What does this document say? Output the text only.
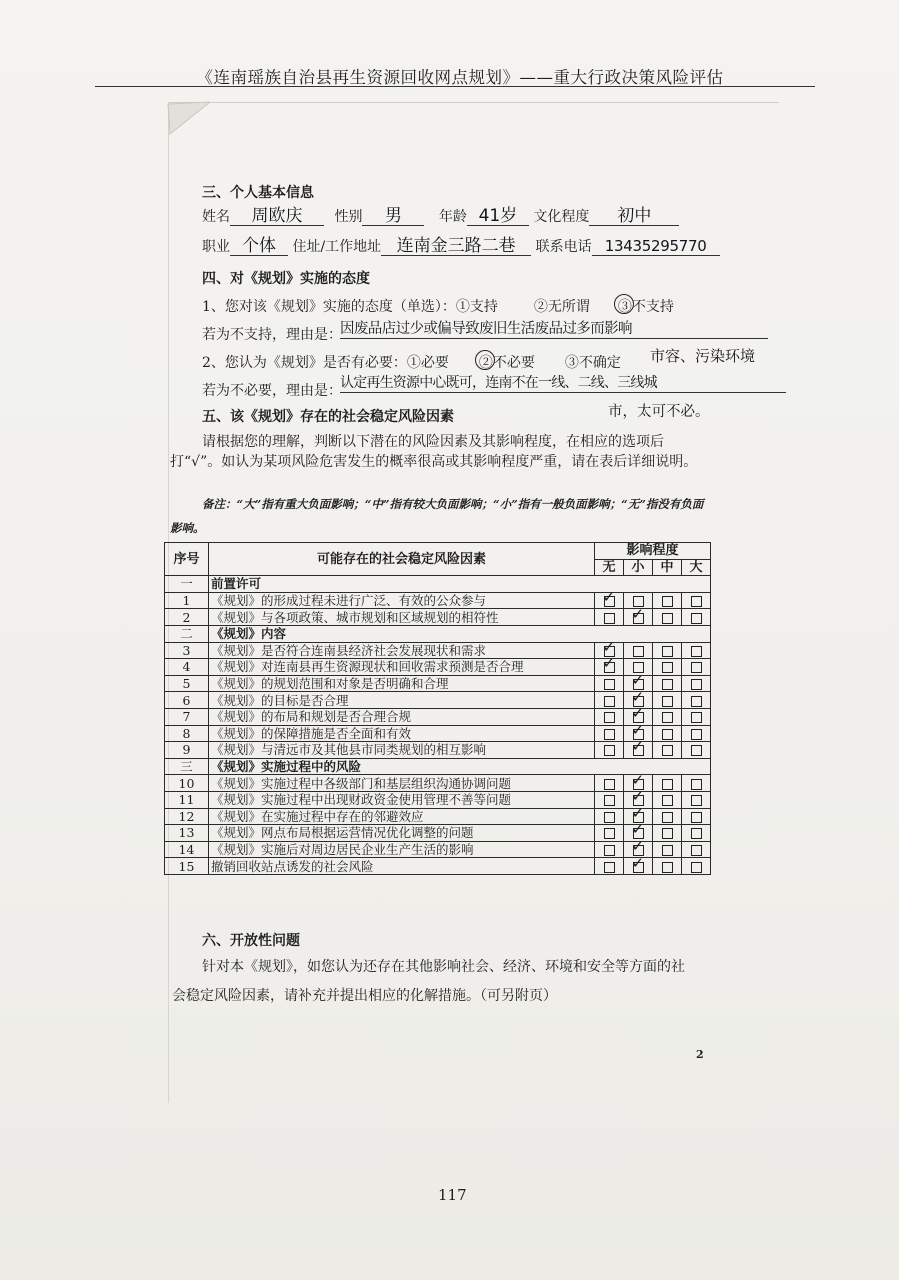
《连南瑶族自治县再生资源回收网点规划》——重大行政决策风险评估
三、个人基本信息
姓名 周欧庆 性别 男	年龄 41岁 文化程度 初中
职业 个体 住址/工作地址 连南金三路二巷 联系电话 13435295770
四、对《规划》实施的态度
1、您对该《规划》实施的态度（单选）：①支持	②无所谓 ③不支持
若为不支持，理由是：
因废品店过少或偏导致废旧生活废品过多而影响
市容、污染环境
2、您认为《规划》是否有必要：①必要 ②不必要 ③不确定
若为不必要，理由是：
认定再生资源中心既可，连南不在一线、二线、三线城
市，太可不必。
五、该《规划》存在的社会稳定风险因素
请根据您的理解，判断以下潜在的风险因素及其影响程度，在相应的选项后打“√”。如认为某项风险危害发生的概率很高或其影响程度严重，请在表后详细说明。
备注：“大”指有重大负面影响；“中”指有较大负面影响；“小”指有一般负面影响；“无”指没有负面影响。
序号	可能存在的社会稳定风险因素	影响程度			
		无	小	中	大
一	前置许可				
1	《规划》的形成过程未进行广泛、有效的公众参与	✓			

2	《规划》与各项政策、城市规划和区域规划的相符性		✓		

二	《规划》内容				
3	《规划》是否符合连南县经济社会发展现状和需求	✓			

4	《规划》对连南县再生资源现状和回收需求预测是否合理	✓			

5	《规划》的规划范围和对象是否明确和合理		✓		

6	《规划》的目标是否合理		✓		

7	《规划》的布局和规划是否合理合规		✓		

8	《规划》的保障措施是否全面和有效		✓		

9	《规划》与清远市及其他县市同类规划的相互影响		✓		

三	《规划》实施过程中的风险				
10	《规划》实施过程中各级部门和基层组织沟通协调问题		✓		

11	《规划》实施过程中出现财政资金使用管理不善等问题		✓		

12	《规划》在实施过程中存在的邻避效应		✓		

13	《规划》网点布局根据运营情况优化调整的问题		✓		

14	《规划》实施后对周边居民企业生产生活的影响		✓		

15	撤销回收站点诱发的社会风险		✓		

六、开放性问题
针对本《规划》，如您认为还存在其他影响社会、经济、环境和安全等方面的社
会稳定风险因素，请补充并提出相应的化解措施。（可另附页）
2
117
